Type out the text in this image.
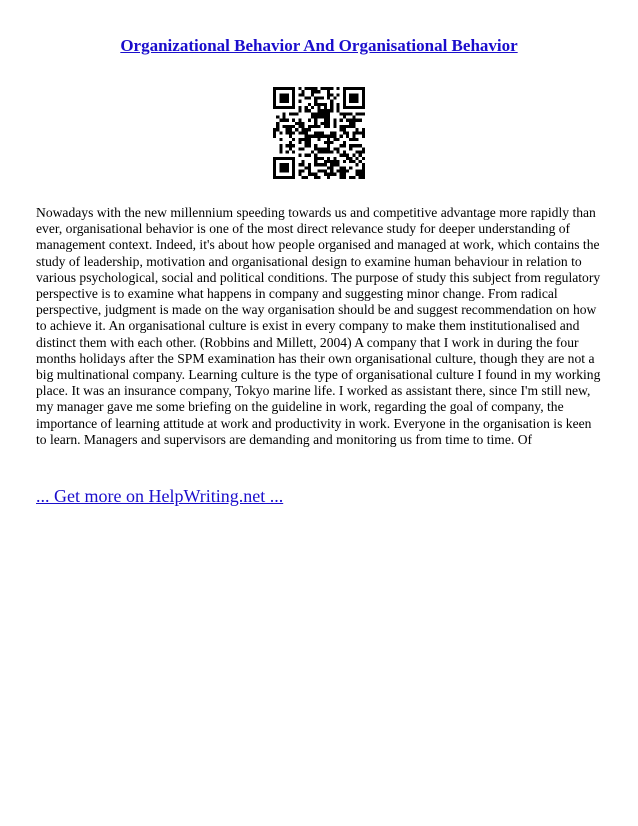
Organizational Behavior And Organisational Behavior

Nowadays with the new millennium speeding towards us and competitive advantage more rapidly than ever, organisational behavior is one of the most direct relevance study for deeper understanding of management context. Indeed, it's about how people organised and managed at work, which contains the study of leadership, motivation and organisational design to examine human behaviour in relation to various psychological, social and political conditions. The purpose of study this subject from regulatory perspective is to examine what happens in company and suggesting minor change. From radical perspective, judgment is made on the way organisation should be and suggest recommendation on how to achieve it. An organisational culture is exist in every company to make them institutionalised and distinct them with each other. (Robbins and Millett, 2004) A company that I work in during the four months holidays after the SPM examination has their own organisational culture, though they are not a big multinational company. Learning culture is the type of organisational culture I found in my working place. It was an insurance company, Tokyo marine life. I worked as assistant there, since I'm still new, my manager gave me some briefing on the guideline in work, regarding the goal of company, the importance of learning attitude at work and productivity in work. Everyone in the organisation is keen to learn. Managers and supervisors are demanding and monitoring us from time to time. Of

... Get more on HelpWriting.net ...
